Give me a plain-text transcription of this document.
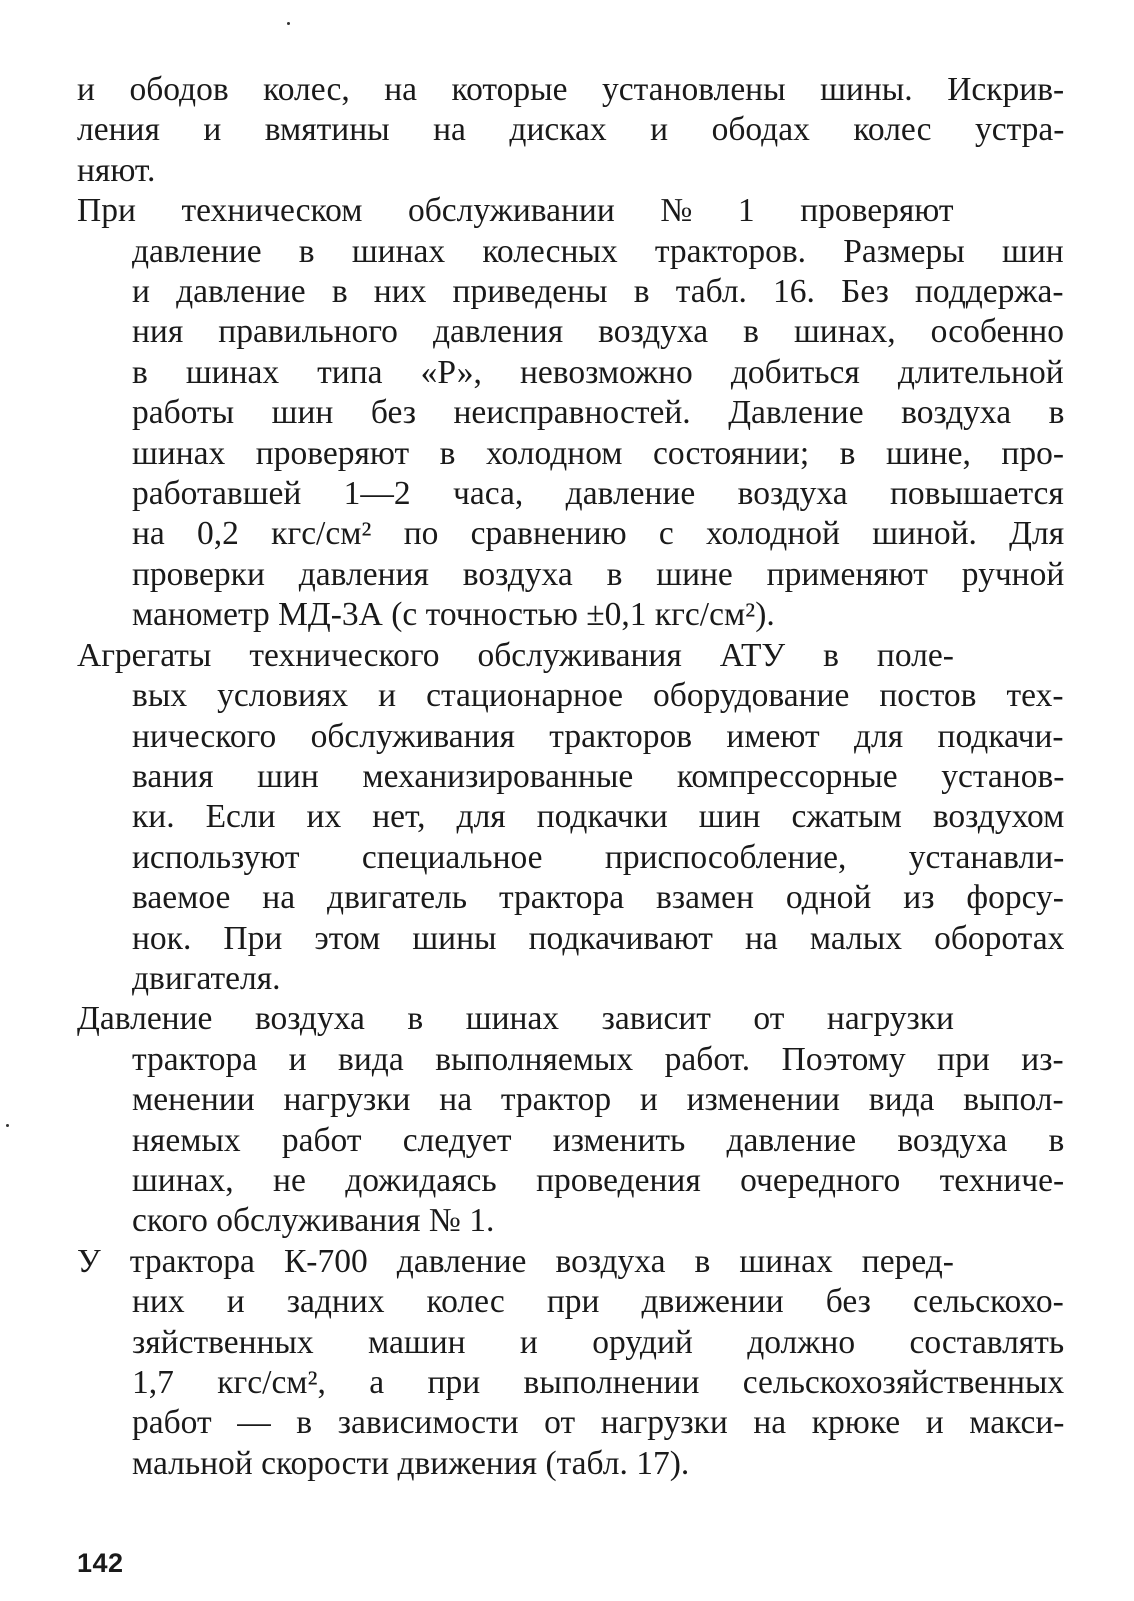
и ободов колес, на которые установлены шины. Искрив-
ления и вмятины на дисках и ободах колес устра-
няют.

При техническом обслуживании № 1 проверяют
давление в шинах колесных тракторов. Размеры шин
и давление в них приведены в табл. 16. Без поддержа-
ния правильного давления воздуха в шинах, особенно
в шинах типа «Р», невозможно добиться длительной
работы шин без неисправностей. Давление воздуха в
шинах проверяют в холодном состоянии; в шине, про-
работавшей 1—2 часа, давление воздуха повышается
на 0,2 кгс/см² по сравнению с холодной шиной. Для
проверки давления воздуха в шине применяют ручной
манометр МД-3А (с точностью ±0,1 кгс/см²).

Агрегаты технического обслуживания АТУ в поле-
вых условиях и стационарное оборудование постов тех-
нического обслуживания тракторов имеют для подкачи-
вания шин механизированные компрессорные установ-
ки. Если их нет, для подкачки шин сжатым воздухом
используют специальное приспособление, устанавли-
ваемое на двигатель трактора взамен одной из форсу-
нок. При этом шины подкачивают на малых оборотах
двигателя.

Давление воздуха в шинах зависит от нагрузки
трактора и вида выполняемых работ. Поэтому при из-
менении нагрузки на трактор и изменении вида выпол-
няемых работ следует изменить давление воздуха в
шинах, не дожидаясь проведения очередного техниче-
ского обслуживания № 1.

У трактора К-700 давление воздуха в шинах перед-
них и задних колес при движении без сельскохо-
зяйственных машин и орудий должно составлять
1,7 кгс/см², а при выполнении сельскохозяйственных
работ — в зависимости от нагрузки на крюке и макси-
мальной скорости движения (табл. 17).

142
